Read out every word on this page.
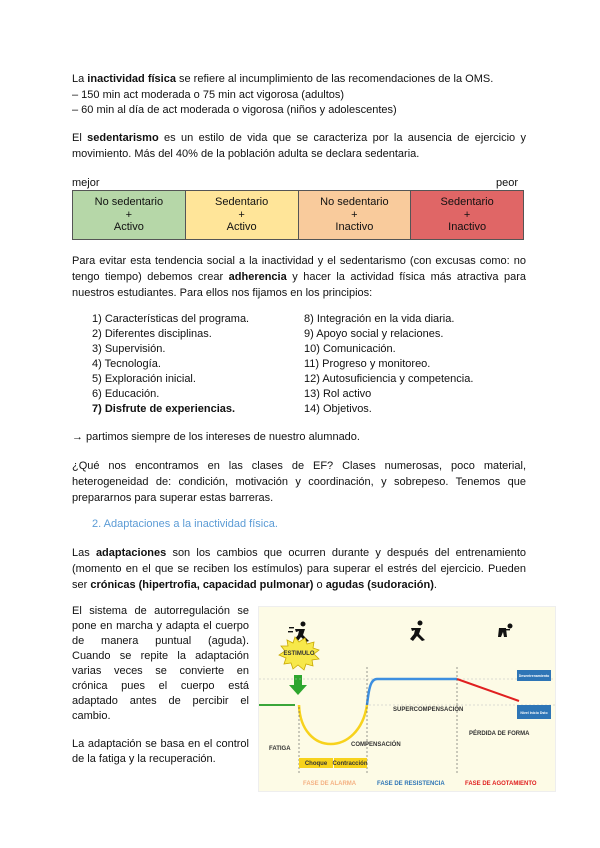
La inactividad física se refiere al incumplimiento de las recomendaciones de la OMS.
– 150 min act moderada o 75 min act vigorosa (adultos)
– 60 min al día de act moderada o vigorosa (niños y adolescentes)
El sedentarismo es un estilo de vida que se caracteriza por la ausencia de ejercicio y movimiento. Más del 40% de la población adulta se declara sedentaria.
mejor	peor
No sedentario
+
Activo
Sedentario
+
Activo
No sedentario
+
Inactivo
Sedentario
+
Inactivo
Para evitar esta tendencia social a la inactividad y el sedentarismo (con excusas como: no tengo tiempo) debemos crear adherencia y hacer la actividad física más atractiva para nuestros estudiantes. Para ellos nos fijamos en los principios:
1) Características del programa.
2) Diferentes disciplinas.
3) Supervisión.
4) Tecnología.
5) Exploración inicial.
6) Educación.
7) Disfrute de experiencias.
8) Integración en la vida diaria.
9) Apoyo social y relaciones.
10) Comunicación.
11) Progreso y monitoreo.
12) Autosuficiencia y competencia.
13) Rol activo
14) Objetivos.
→ partimos siempre de los intereses de nuestro alumnado.
¿Qué nos encontramos en las clases de EF? Clases numerosas, poco material, heterogeneidad de: condición, motivación y coordinación, y sobrepeso. Tenemos que prepararnos para superar estas barreras.
2. Adaptaciones a la inactividad física.
Las adaptaciones son los cambios que ocurren durante y después del entrenamiento (momento en el que se reciben los estímulos) para superar el estrés del ejercicio. Pueden ser crónicas (hipertrofia, capacidad pulmonar) o agudas (sudoración).
El sistema de autorregulación se pone en marcha y adapta el cuerpo de manera puntual (aguda). Cuando se repite la adaptación varias veces se convierte en crónica pues el cuerpo está adaptado antes de percibir el cambio.
La adaptación se basa en el control de la fatiga y la recuperación.
ESTIMULO
Desentrenamiento
Nivel Inicio Dsto
SUPERCOMPENSACIÓN
COMPENSACIÓN
FATIGA
PÉRDIDA DE FORMA
Choque Contracción
FASE DE ALARMA	FASE DE RESISTENCIA	FASE DE AGOTAMIENTO
